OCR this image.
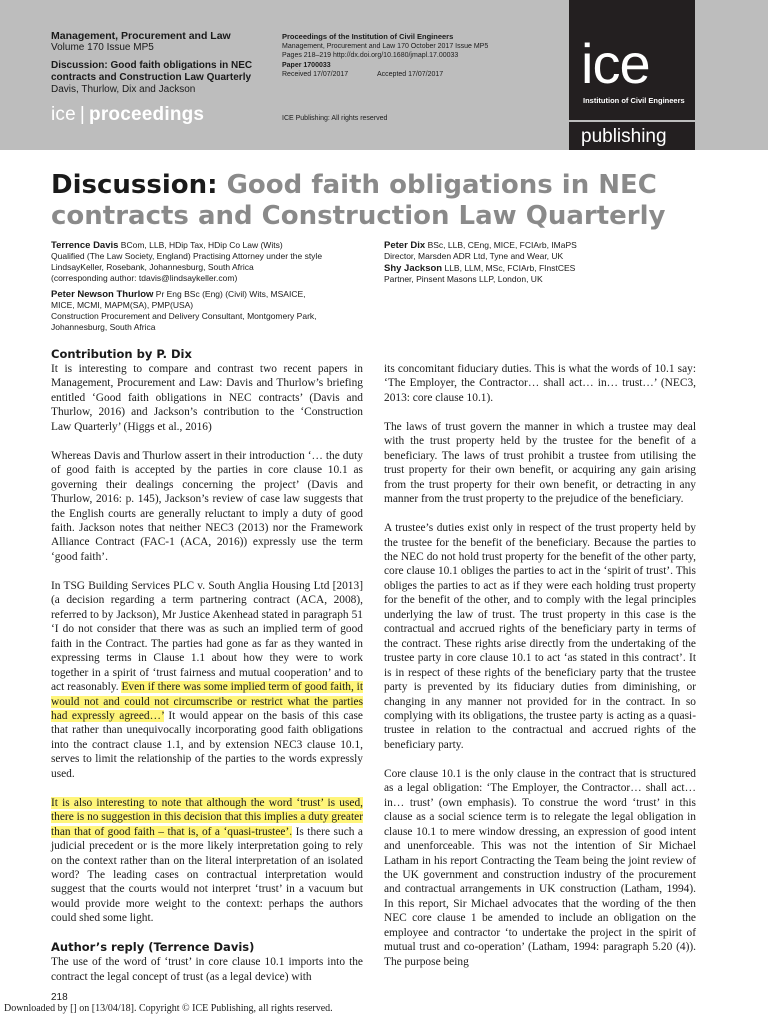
Management, Procurement and Law
Volume 170 Issue MP5
Discussion: Good faith obligations in NEC contracts and Construction Law Quarterly
Davis, Thurlow, Dix and Jackson
ice | proceedings
Proceedings of the Institution of Civil Engineers
Management, Procurement and Law 170 October 2017 Issue MP5
Pages 218–219 http://dx.doi.org/10.1680/jmapl.17.00033
Paper 1700033
Received 17/07/2017	Accepted 17/07/2017
ICE Publishing: All rights reserved
ice
Institution of Civil Engineers
publishing
Discussion: Good faith obligations in NEC contracts and Construction Law Quarterly
Terrence Davis BCom, LLB, HDip Tax, HDip Co Law (Wits)
Qualified (The Law Society, England) Practising Attorney under the style
LindsayKeller, Rosebank, Johannesburg, South Africa
(corresponding author: tdavis@lindsaykeller.com)
Peter Newson Thurlow Pr Eng BSc (Eng) (Civil) Wits, MSAICE,
MICE, MCMI, MAPM(SA), PMP(USA)
Construction Procurement and Delivery Consultant, Montgomery Park,
Johannesburg, South Africa
Peter Dix BSc, LLB, CEng, MICE, FCIArb, IMaPS
Director, Marsden ADR Ltd, Tyne and Wear, UK
Shy Jackson LLB, LLM, MSc, FCIArb, FInstCES
Partner, Pinsent Masons LLP, London, UK
Contribution by P. Dix

It is interesting to compare and contrast two recent papers in Management, Procurement and Law: Davis and Thurlow’s briefing entitled ‘Good faith obligations in NEC contracts’ (Davis and Thurlow, 2016) and Jackson’s contribution to the ‘Construction Law Quarterly’ (Higgs et al., 2016)

Whereas Davis and Thurlow assert in their introduction ‘… the duty of good faith is accepted by the parties in core clause 10.1 as governing their dealings concerning the project’ (Davis and Thurlow, 2016: p. 145), Jackson’s review of case law suggests that the English courts are generally reluctant to imply a duty of good faith. Jackson notes that neither NEC3 (2013) nor the Framework Alliance Contract (FAC-1 (ACA, 2016)) expressly use the term ‘good faith’.

In TSG Building Services PLC v. South Anglia Housing Ltd [2013] (a decision regarding a term partnering contract (ACA, 2008), referred to by Jackson), Mr Justice Akenhead stated in paragraph 51 ‘I do not consider that there was as such an implied term of good faith in the Contract. The parties had gone as far as they wanted in expressing terms in Clause 1.1 about how they were to work together in a spirit of ‘trust fairness and mutual cooperation’ and to act reasonably. Even if there was some implied term of good faith, it would not and could not circumscribe or restrict what the parties had expressly agreed…’ It would appear on the basis of this case that rather than unequivocally incorporating good faith obligations into the contract clause 1.1, and by extension NEC3 clause 10.1, serves to limit the relationship of the parties to the words expressly used.

It is also interesting to note that although the word ‘trust’ is used, there is no suggestion in this decision that this implies a duty greater than that of good faith – that is, of a ‘quasi-trustee’. Is there such a judicial precedent or is the more likely interpretation going to rely on the context rather than on the literal interpretation of an isolated word? The leading cases on contractual interpretation would suggest that the courts would not interpret ‘trust’ in a vacuum but would provide more weight to the context: perhaps the authors could shed some light.

Author’s reply (Terrence Davis)

The use of the word of ‘trust’ in core clause 10.1 imports into the contract the legal concept of trust (as a legal device) with

its concomitant fiduciary duties. This is what the words of 10.1 say: ‘The Employer, the Contractor… shall act… in… trust…’ (NEC3, 2013: core clause 10.1).

The laws of trust govern the manner in which a trustee may deal with the trust property held by the trustee for the benefit of a beneficiary. The laws of trust prohibit a trustee from utilising the trust property for their own benefit, or acquiring any gain arising from the trust property for their own benefit, or detracting in any manner from the trust property to the prejudice of the beneficiary.

A trustee’s duties exist only in respect of the trust property held by the trustee for the benefit of the beneficiary. Because the parties to the NEC do not hold trust property for the benefit of the other party, core clause 10.1 obliges the parties to act in the ‘spirit of trust’. This obliges the parties to act as if they were each holding trust property for the benefit of the other, and to comply with the legal principles underlying the law of trust. The trust property in this case is the contractual and accrued rights of the beneficiary party in terms of the contract. These rights arise directly from the undertaking of the trustee party in core clause 10.1 to act ‘as stated in this contract’. It is in respect of these rights of the beneficiary party that the trustee party is prevented by its fiduciary duties from diminishing, or changing in any manner not provided for in the contract. In so complying with its obligations, the trustee party is acting as a quasi-trustee in relation to the contractual and accrued rights of the beneficiary party.

Core clause 10.1 is the only clause in the contract that is structured as a legal obligation: ‘The Employer, the Contractor… shall act… in… trust’ (own emphasis). To construe the word ‘trust’ in this clause as a social science term is to relegate the legal obligation in clause 10.1 to mere window dressing, an expression of good intent and unenforceable. This was not the intention of Sir Michael Latham in his report Contracting the Team being the joint review of the UK government and construction industry of the procurement and contractual arrangements in UK construction (Latham, 1994). In this report, Sir Michael advocates that the wording of the then NEC core clause 1 be amended to include an obligation on the employee and contractor ‘to undertake the project in the spirit of mutual trust and co-operation’ (Latham, 1994: paragraph 5.20 (4)). The purpose being

218
Downloaded by [] on [13/04/18]. Copyright © ICE Publishing, all rights reserved.
